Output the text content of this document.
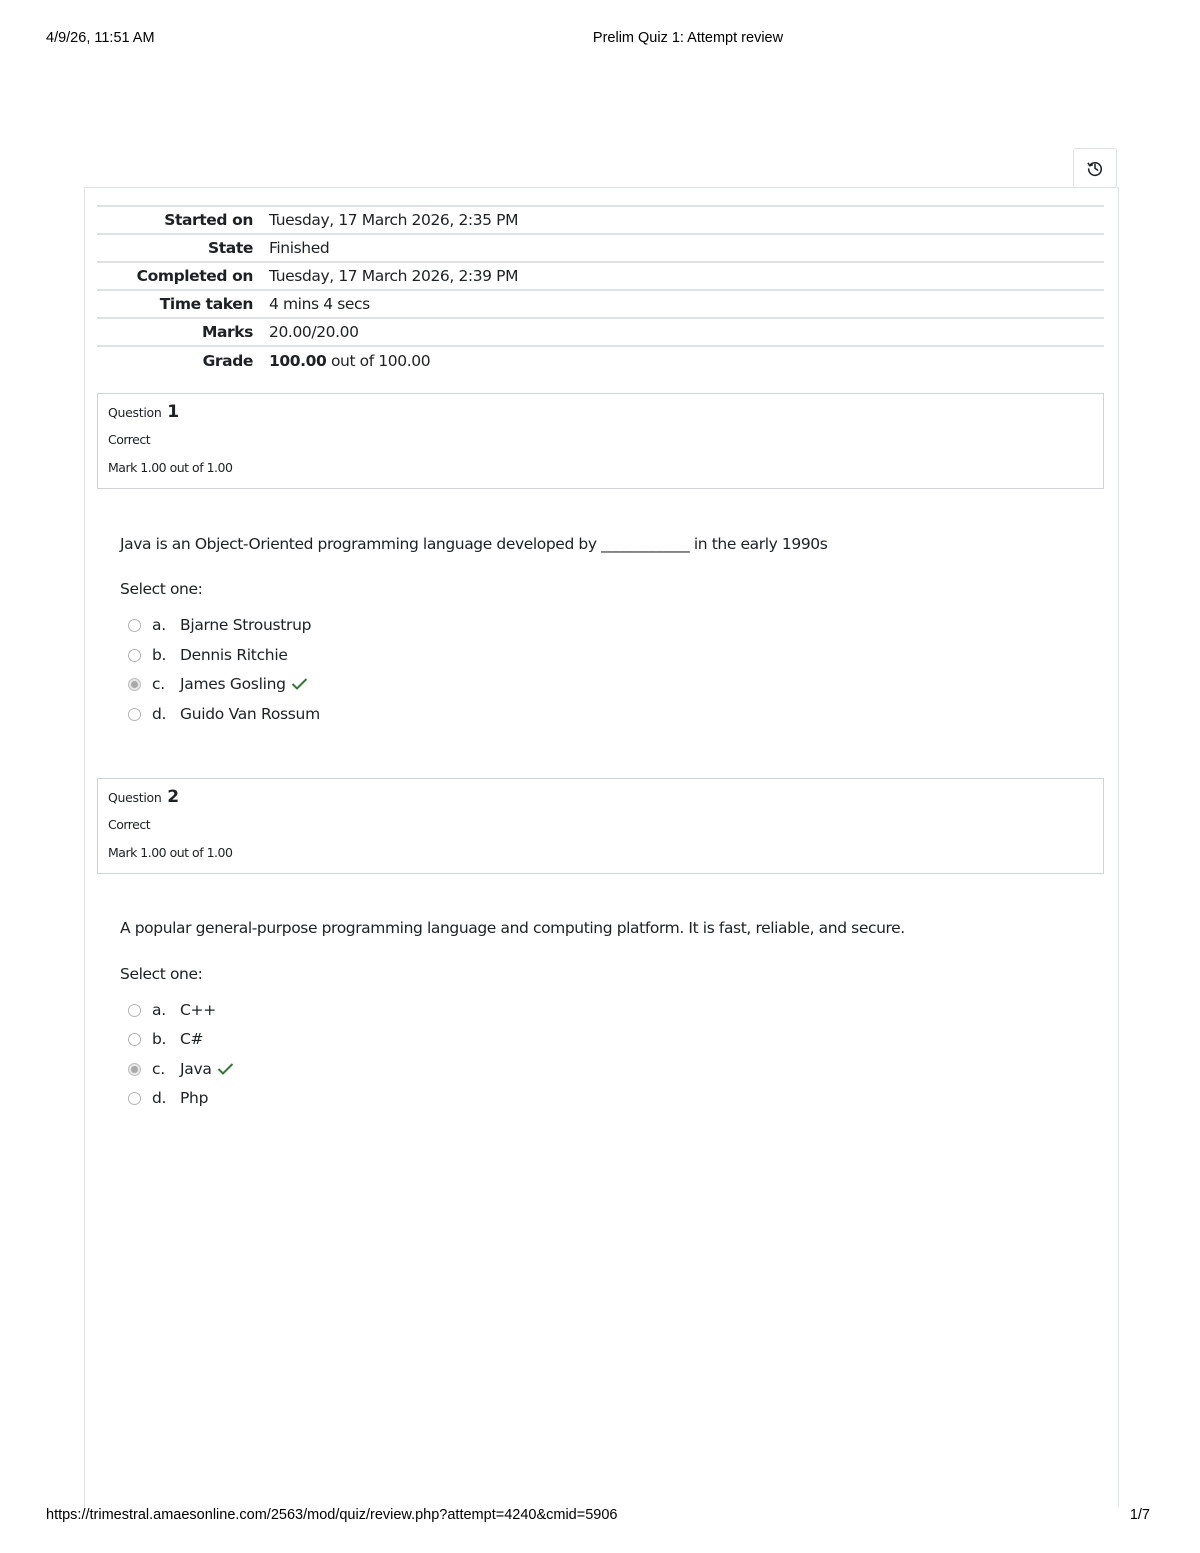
4/9/26, 11:51 AM	Prelim Quiz 1: Attempt review
Started on	Tuesday, 17 March 2026, 2:35 PM
State	Finished
Completed on	Tuesday, 17 March 2026, 2:39 PM
Time taken	4 mins 4 secs
Marks	20.00/20.00
Grade	100.00 out of 100.00
Question 1
Correct
Mark 1.00 out of 1.00
Java is an Object-Oriented programming language developed by ____________ in the early 1990s
Select one:
a. Bjarne Stroustrup
b. Dennis Ritchie
c. James Gosling
d. Guido Van Rossum
Question 2
Correct
Mark 1.00 out of 1.00
A popular general-purpose programming language and computing platform. It is fast, reliable, and secure.
Select one:
a. C++
b. C#
c. Java
d. Php
https://trimestral.amaesonline.com/2563/mod/quiz/review.php?attempt=4240&cmid=5906	1/7
